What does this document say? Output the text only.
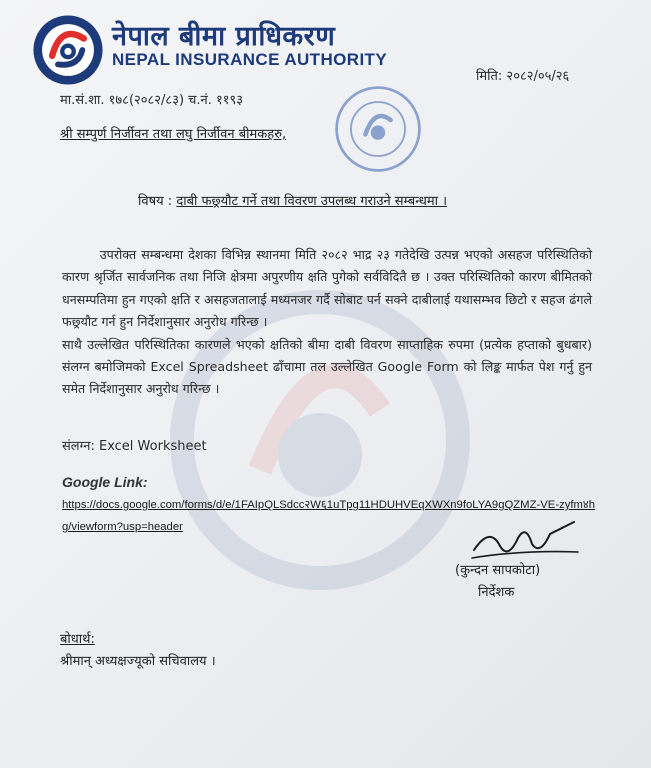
नेपाल बीमा प्राधिकरण
NEPAL INSURANCE AUTHORITY
मिति: २०८२/०५/२६
मा.सं.शा. १७८(२०८२/८३) च.नं. ११९३
श्री सम्पुर्ण निर्जीवन तथा लघु निर्जीवन बीमकहरु,
विषय : दाबी फछ्र्यौट गर्ने तथा विवरण उपलब्ध गराउने सम्बन्धमा ।

   उपरोक्त सम्बन्धमा देशका विभिन्न स्थानमा मिति २०८२ भाद्र २३ गतेदेखि उत्पन्न भएको असहज परिस्थितिको कारण श्रृर्जित सार्वजनिक तथा निजि क्षेत्रमा अपुरणीय क्षति पुगेको सर्वविदितै छ । उक्त परिस्थितिको कारण बीमितको धनसम्पतिमा हुन गएको क्षति र असहजतालाई मध्यनजर गर्दै सोबाट पर्न सक्ने दाबीलाई यथासम्भव छिटो र सहज ढंगले फछ्र्यौट गर्न हुन निर्देशानुसार अनुरोध गरिन्छ ।

साथै उल्लेखित परिस्थितिका कारणले भएको क्षतिको बीमा दाबी विवरण साप्ताहिक रुपमा (प्रत्येक हप्ताको बुधबार) संलग्न बमोजिमको Excel Spreadsheet ढाँचामा तल उल्लेखित Google Form को लिङ्क मार्फत पेश गर्नु हुन समेत निर्देशानुसार अनुरोध गरिन्छ ।

संलग्न: Excel Worksheet
Google Link:
https://docs.google.com/forms/d/e/1FAIpQLSdcc२W६1uT‍pg11HDUHVEqXWXn9foLYA9gQZMZ-VE-zyfm४hg/viewform?usp=header
(कुन्दन सापकोटा)
निर्देशक
बोधार्थ:
श्रीमान् अध्यक्षज्यूको सचिवालय ।
